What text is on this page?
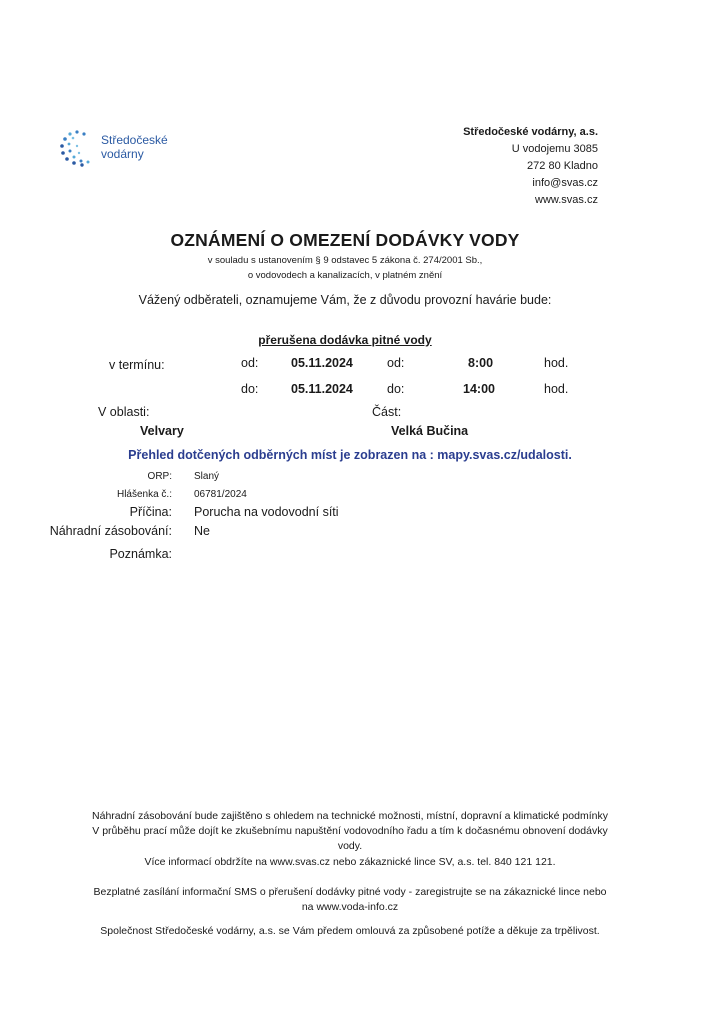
Středočeské
vodárny
Středočeské vodárny, a.s.
U vodojemu 3085
272 80 Kladno
info@svas.cz
www.svas.cz
OZNÁMENÍ O OMEZENÍ DODÁVKY VODY
v souladu s ustanovením § 9 odstavec 5 zákona č. 274/2001 Sb.,
o vodovodech a kanalizacích, v platném znění
Vážený odběrateli, oznamujeme Vám, že z důvodu provozní havárie bude:
přerušena dodávka pitné vody
v termínu:	od:	05.11.2024	od:	8:00	hod.
do:	05.11.2024	do:	14:00	hod.
V oblasti:
Velvary
Část:
Velká Bučina
Přehled dotčených odběrných míst je zobrazen na : mapy.svas.cz/udalosti.
ORP: Slaný
Hlášenka č.: 06781/2024
Příčina: Porucha na vodovodní síti
Náhradní zásobování: Ne
Poznámka:
Náhradní zásobování bude zajištěno s ohledem na technické možnosti, místní, dopravní a klimatické podmínky
V průběhu prací může dojít ke zkušebnímu napuštění vodovodního řadu a tím k dočasnému obnovení dodávky
vody.
Více informací obdržíte na www.svas.cz nebo zákaznické lince SV, a.s. tel. 840 121 121.
Bezplatné zasílání informační SMS o přerušení dodávky pitné vody - zaregistrujte se na zákaznické lince nebo
na www.voda-info.cz
Společnost Středočeské vodárny, a.s. se Vám předem omlouvá za způsobené potíže a děkuje za trpělivost.
